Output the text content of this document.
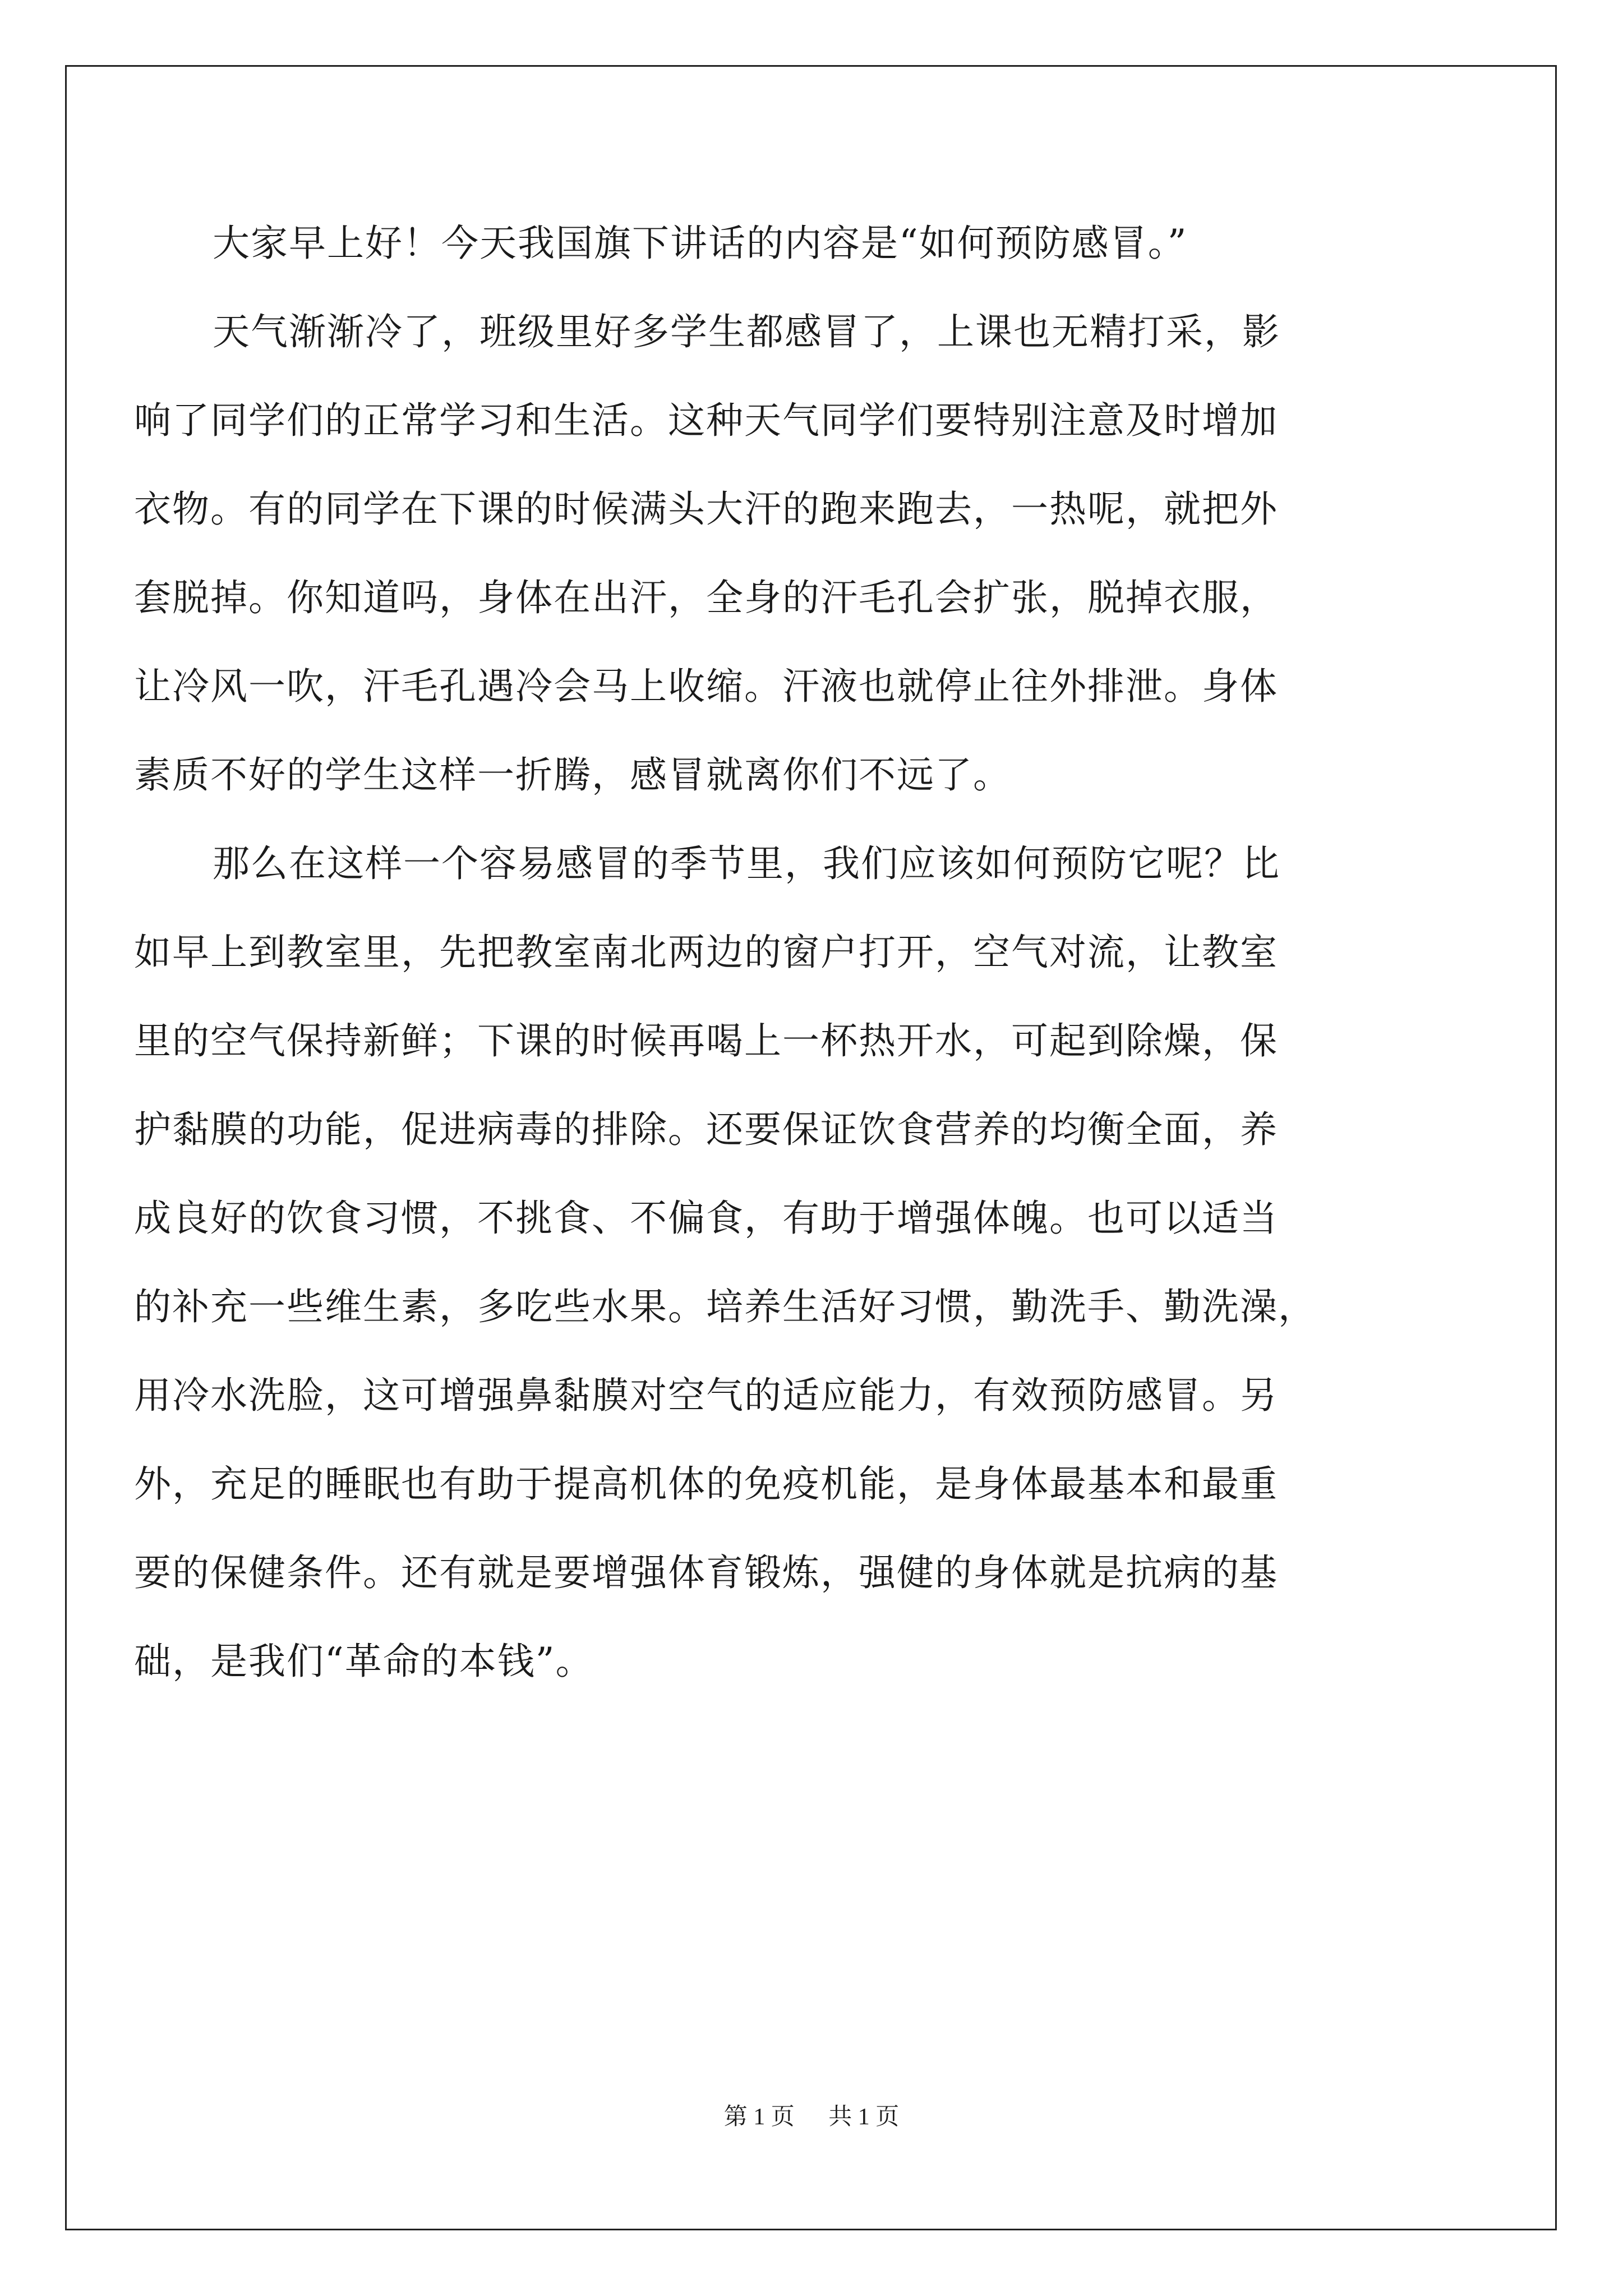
大家早上好！今天我国旗下讲话的内容是“如何预防感冒。”
天气渐渐冷了，班级里好多学生都感冒了，上课也无精打采，影
响了同学们的正常学习和生活。这种天气同学们要特别注意及时增加
衣物。有的同学在下课的时候满头大汗的跑来跑去，一热呢，就把外
套脱掉。你知道吗，身体在出汗，全身的汗毛孔会扩张，脱掉衣服，
让冷风一吹，汗毛孔遇冷会马上收缩。汗液也就停止往外排泄。身体
素质不好的学生这样一折腾，感冒就离你们不远了。
那么在这样一个容易感冒的季节里，我们应该如何预防它呢？比
如早上到教室里，先把教室南北两边的窗户打开，空气对流，让教室
里的空气保持新鲜；下课的时候再喝上一杯热开水，可起到除燥，保
护黏膜的功能，促进病毒的排除。还要保证饮食营养的均衡全面，养
成良好的饮食习惯，不挑食、不偏食，有助于增强体魄。也可以适当
的补充一些维生素，多吃些水果。培养生活好习惯，勤洗手、勤洗澡，
用冷水洗脸，这可增强鼻黏膜对空气的适应能力，有效预防感冒。另
外，充足的睡眠也有助于提高机体的免疫机能，是身体最基本和最重
要的保健条件。还有就是要增强体育锻炼，强健的身体就是抗病的基
础，是我们“革命的本钱”。
第 1 页 共 1 页
